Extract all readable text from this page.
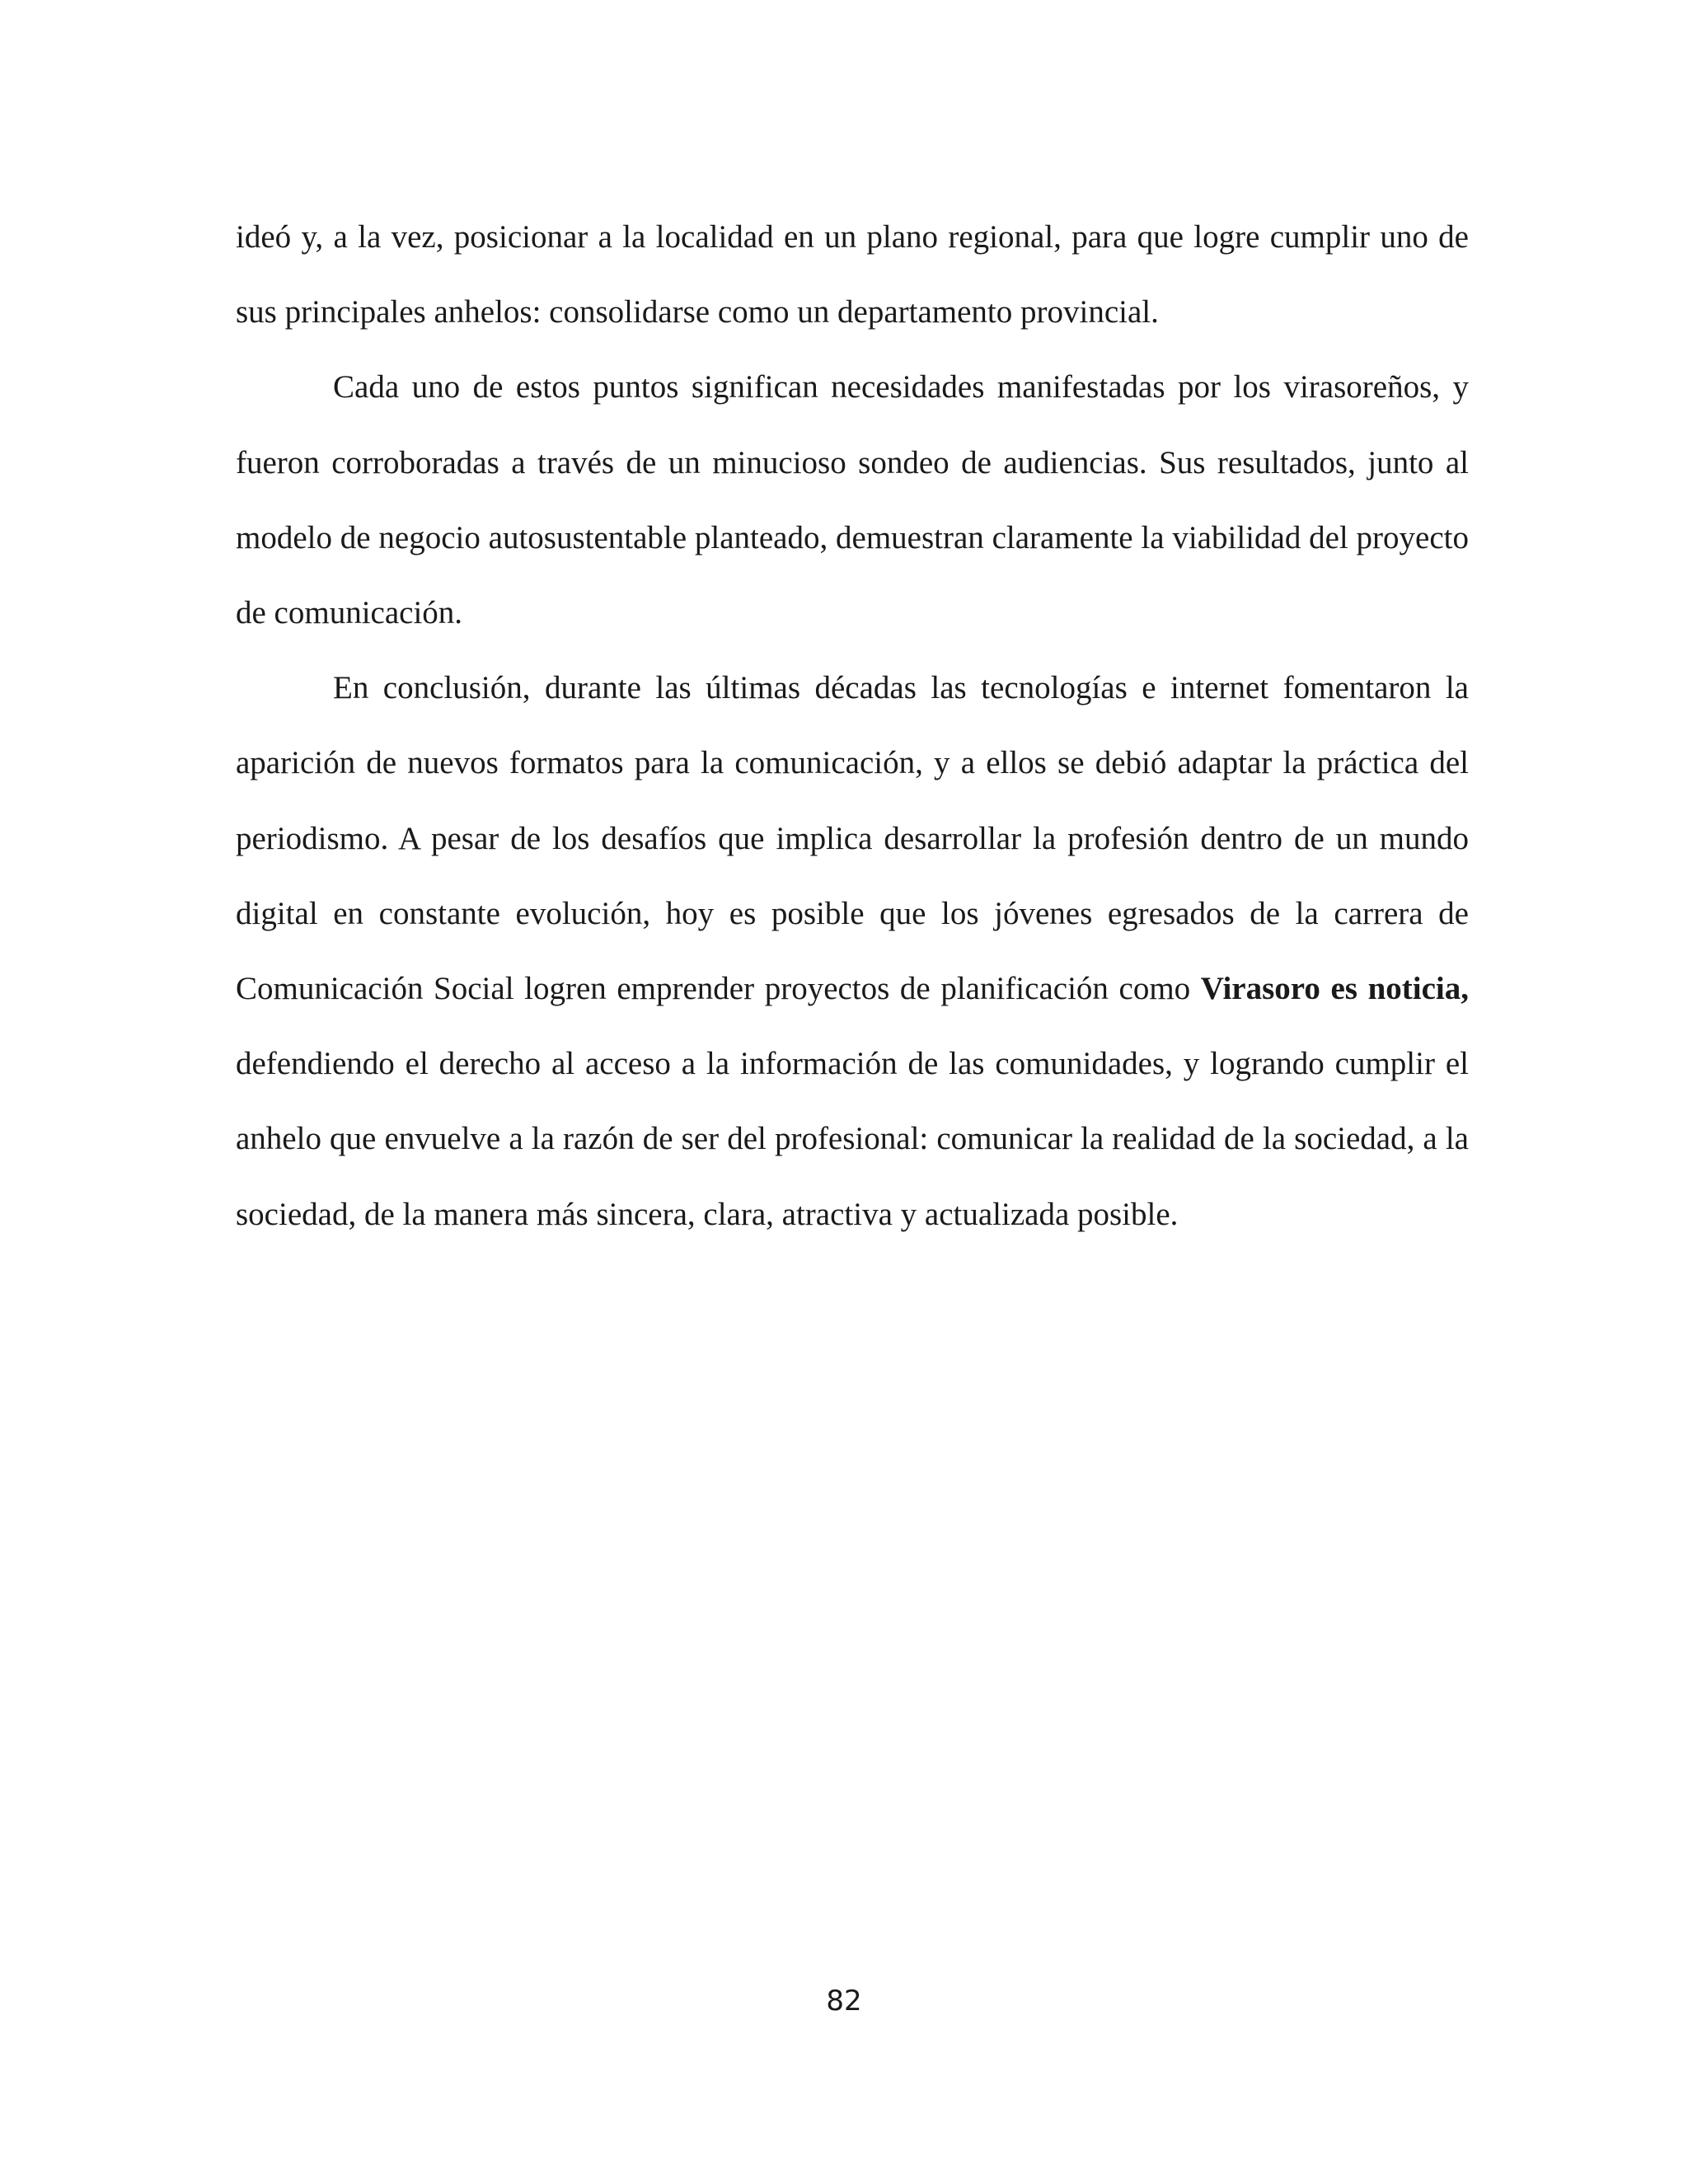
ideó y, a la vez, posicionar a la localidad en un plano regional, para que logre cumplir uno de sus principales anhelos: consolidarse como un departamento provincial.

Cada uno de estos puntos significan necesidades manifestadas por los virasoreños, y fueron corroboradas a través de un minucioso sondeo de audiencias. Sus resultados, junto al modelo de negocio autosustentable planteado, demuestran claramente la viabilidad del proyecto de comunicación.

En conclusión, durante las últimas décadas las tecnologías e internet fomentaron la aparición de nuevos formatos para la comunicación, y a ellos se debió adaptar la práctica del periodismo. A pesar de los desafíos que implica desarrollar la profesión dentro de un mundo digital en constante evolución, hoy es posible que los jóvenes egresados de la carrera de Comunicación Social logren emprender proyectos de planificación como Virasoro es noticia, defendiendo el derecho al acceso a la información de las comunidades, y logrando cumplir el anhelo que envuelve a la razón de ser del profesional: comunicar la realidad de la sociedad, a la sociedad, de la manera más sincera, clara, atractiva y actualizada posible.

82
